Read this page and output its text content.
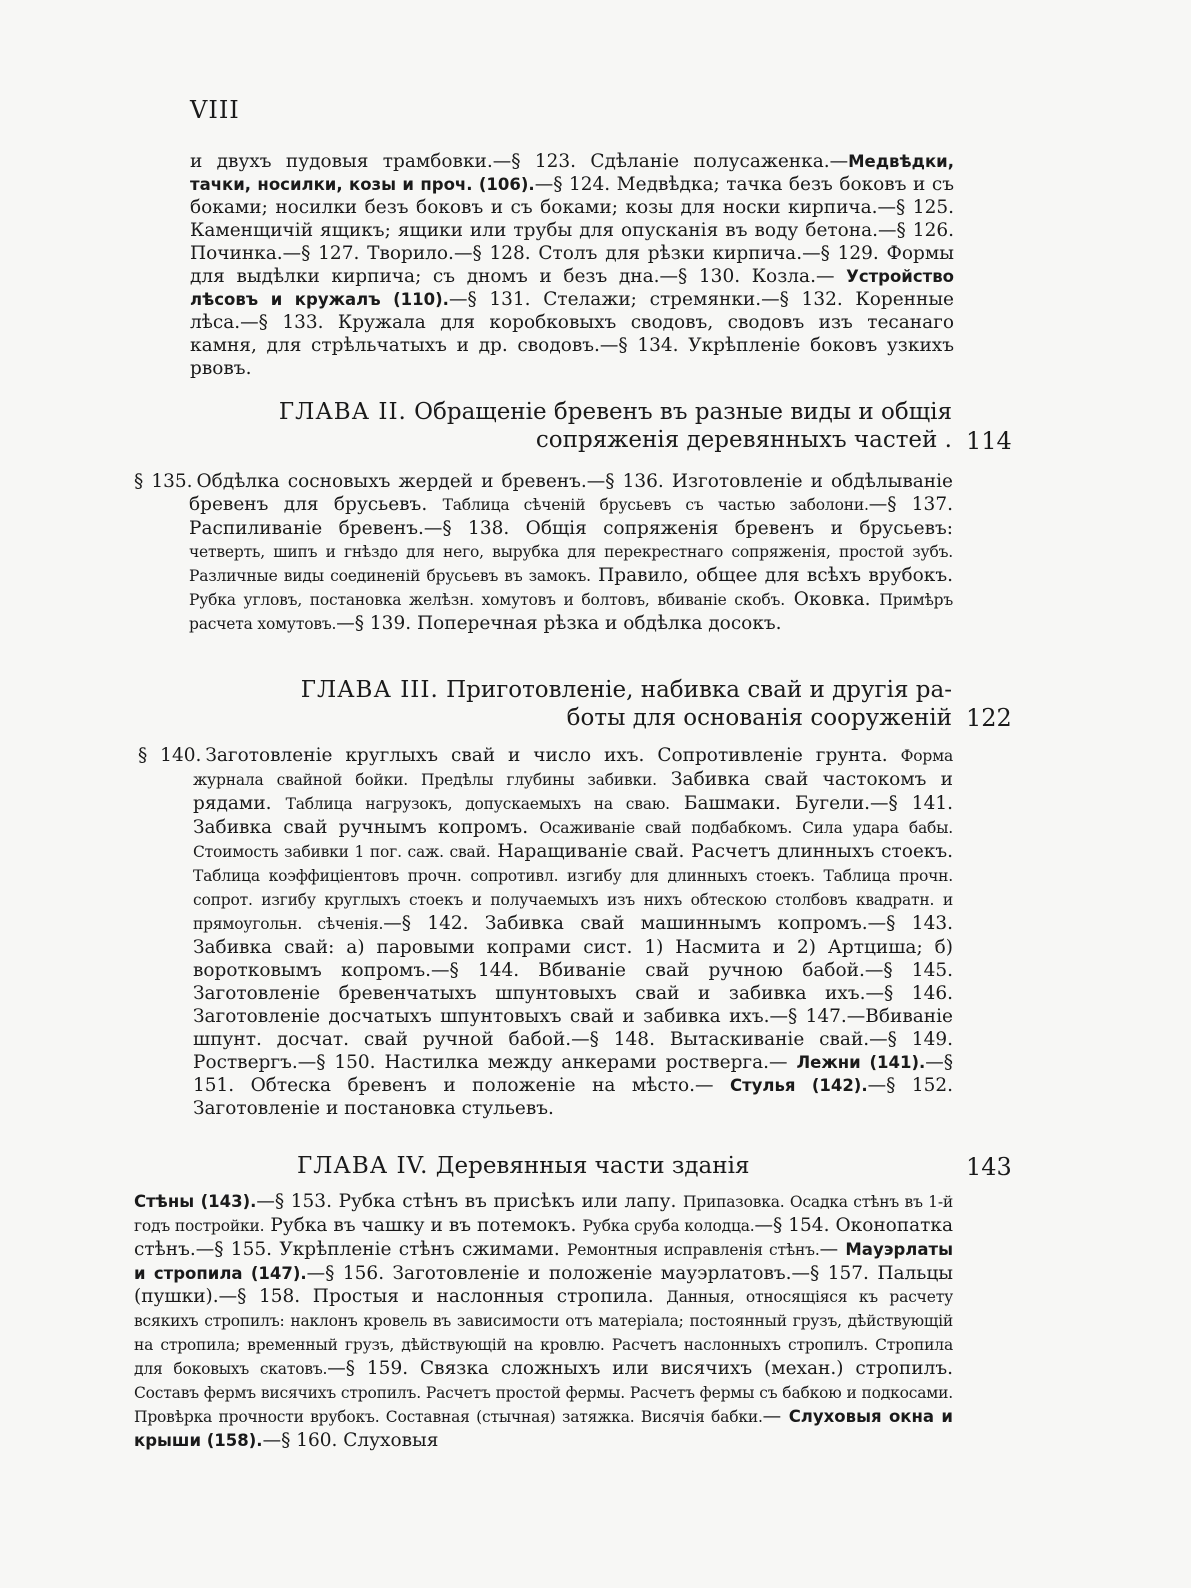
VIII

и двухъ пудовыя трамбовки.—§ 123. Сдѣланіе полусаженка.—Медвѣдки, тачки, носилки, козы и проч. (106).—§ 124. Медвѣдка; тачка безъ боковъ и съ боками; носилки безъ боковъ и съ боками; козы для носки кирпича.—§ 125. Каменщичій ящикъ; ящики или трубы для опусканія въ воду бетона.—§ 126. Починка.—§ 127. Творило.—§ 128. Столъ для рѣзки кирпича.—§ 129. Формы для выдѣлки кирпича; съ дномъ и безъ дна.—§ 130. Козла.— Устройство лѣсовъ и кружалъ (110).—§ 131. Стелажи; стремянки.—§ 132. Коренные лѣса.—§ 133. Кружала для коробковыхъ сводовъ, сводовъ изъ тесанаго камня, для стрѣльчатыхъ и др. сводовъ.—§ 134. Укрѣпленіе боковъ узкихъ рвовъ.

ГЛАВА II. Обращеніе бревенъ въ разные виды и общія
сопряженія деревянныхъ частей . 114

§ 135. Обдѣлка сосновыхъ жердей и бревенъ.—§ 136. Изготовленіе и обдѣлываніе бревенъ для брусьевъ. Таблица сѣченій брусьевъ съ частью заболони.—§ 137. Распиливаніе бревенъ.—§ 138. Общія сопряженія бревенъ и брусьевъ: четверть, шипъ и гнѣздо для него, вырубка для перекрестнаго сопряженія, простой зубъ. Различные виды соединеній брусьевъ въ замокъ. Правило, общее для всѣхъ врубокъ. Рубка угловъ, постановка желѣзн. хомутовъ и болтовъ, вбиваніе скобъ. Оковка. Примѣръ расчета хомутовъ.—§ 139. Поперечная рѣзка и обдѣлка досокъ.

ГЛАВА III. Приготовленіе, набивка свай и другія ра-
боты для основанія сооруженій 122

§ 140. Заготовленіе круглыхъ свай и число ихъ. Сопротивленіе грунта. Форма журнала свайной бойки. Предѣлы глубины забивки. Забивка свай частокомъ и рядами. Таблица нагрузокъ, допускаемыхъ на сваю. Башмаки. Бугели.—§ 141. Забивка свай ручнымъ копромъ. Осаживаніе свай подбабкомъ. Сила удара бабы. Стоимость забивки 1 пог. саж. свай. Наращиваніе свай. Расчетъ длинныхъ стоекъ. Таблица коэффиціентовъ прочн. сопротивл. изгибу для длинныхъ стоекъ. Таблица прочн. сопрот. изгибу круглыхъ стоекъ и получаемыхъ изъ нихъ обтескою столбовъ квадратн. и прямоугольн. сѣченія.—§ 142. Забивка свай машиннымъ копромъ.—§ 143. Забивка свай: а) паровыми копрами сист. 1) Насмита и 2) Артциша; б) воротковымъ копромъ.—§ 144. Вбиваніе свай ручною бабой.—§ 145. Заготовленіе бревенчатыхъ шпунтовыхъ свай и забивка ихъ.—§ 146. Заготовленіе досчатыхъ шпунтовыхъ свай и забивка ихъ.—§ 147.—Вбиваніе шпунт. досчат. свай ручной бабой.—§ 148. Вытаскиваніе свай.—§ 149. Роствергъ.—§ 150. Настилка между анкерами ростверга.— Лежни (141).—§ 151. Обтеска бревенъ и положеніе на мѣсто.— Стулья (142).—§ 152. Заготовленіе и постановка стульевъ.

ГЛАВА IV. Деревянныя части зданія	143

Стѣны (143).—§ 153. Рубка стѣнъ въ присѣкъ или лапу. Припазовка. Осадка стѣнъ въ 1-й годъ постройки. Рубка въ чашку и въ потемокъ. Рубка сруба колодца.—§ 154. Оконопатка стѣнъ.—§ 155. Укрѣпленіе стѣнъ сжимами. Ремонтныя исправленія стѣнъ.— Мауэрлаты и стропила (147).—§ 156. Заготовленіе и положеніе мауэрлатовъ.—§ 157. Пальцы (пушки).—§ 158. Простыя и наслонныя стропила. Данныя, относящіяся къ расчету всякихъ стропилъ: наклонъ кровель въ зависимости отъ матеріала; постоянный грузъ, дѣйствующій на стропила; временный грузъ, дѣйствующій на кровлю. Расчетъ наслонныхъ стропилъ. Стропила для боковыхъ скатовъ.—§ 159. Связка сложныхъ или висячихъ (механ.) стропилъ. Составъ фермъ висячихъ стропилъ. Расчетъ простой фермы. Расчетъ фермы съ бабкою и подкосами. Провѣрка прочности врубокъ. Составная (стычная) затяжка. Висячія бабки.— Слуховыя окна и крыши (158).—§ 160. Слуховыя
